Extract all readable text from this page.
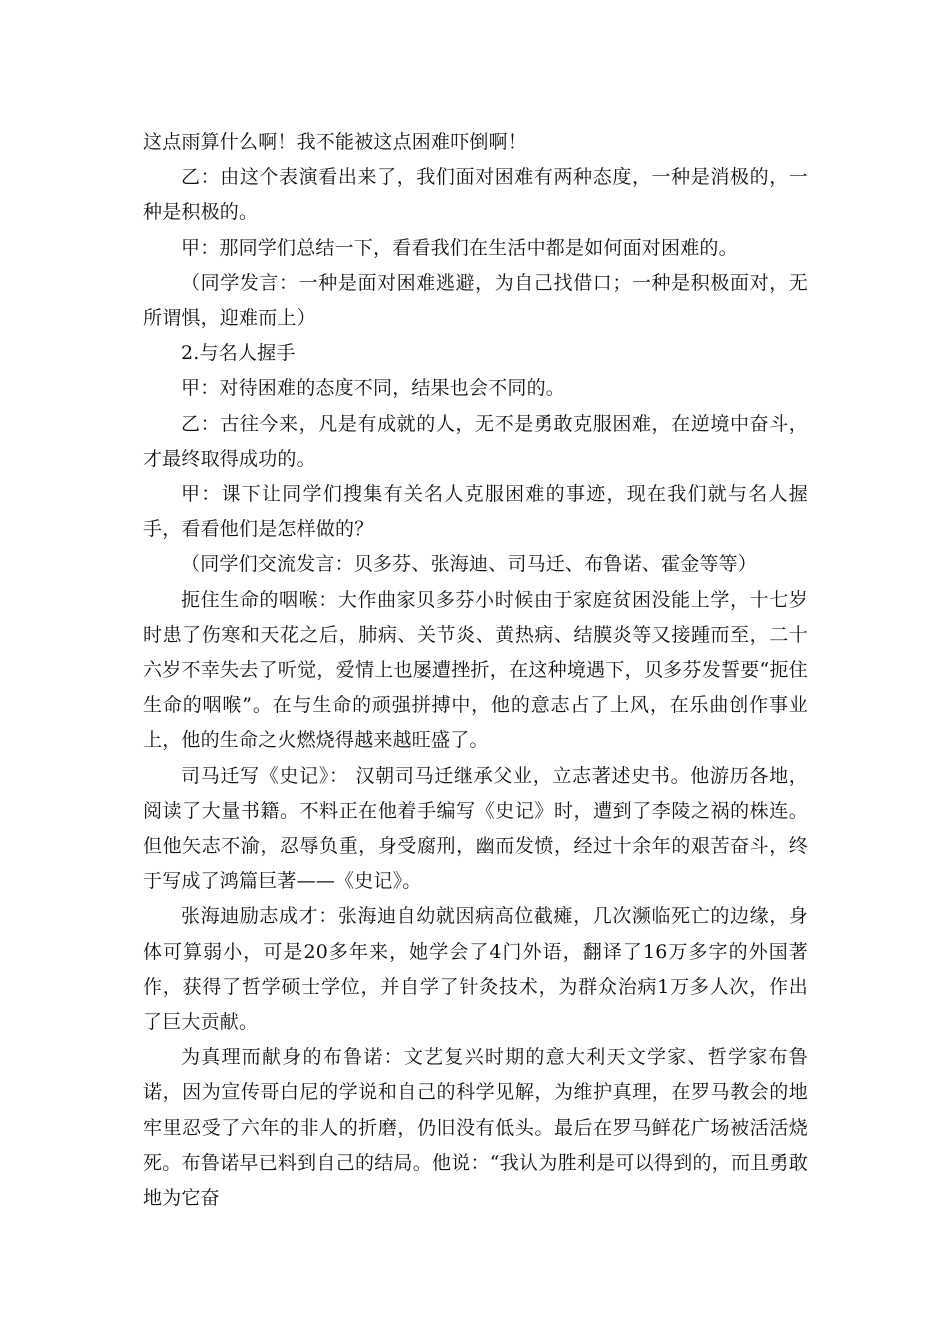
这点雨算什么啊！我不能被这点困难吓倒啊！

乙：由这个表演看出来了，我们面对困难有两种态度，一种是消极的，一种是积极的。

甲：那同学们总结一下，看看我们在生活中都是如何面对困难的。

（同学发言：一种是面对困难逃避，为自己找借口；一种是积极面对，无所谓惧，迎难而上）

2.与名人握手

甲：对待困难的态度不同，结果也会不同的。

乙：古往今来，凡是有成就的人，无不是勇敢克服困难，在逆境中奋斗，才最终取得成功的。

甲：课下让同学们搜集有关名人克服困难的事迹，现在我们就与名人握手，看看他们是怎样做的？

（同学们交流发言：贝多芬、张海迪、司马迁、布鲁诺、霍金等等）

扼住生命的咽喉：大作曲家贝多芬小时候由于家庭贫困没能上学，十七岁时患了伤寒和天花之后，肺病、关节炎、黄热病、结膜炎等又接踵而至，二十六岁不幸失去了听觉，爱情上也屡遭挫折，在这种境遇下，贝多芬发誓要“扼住生命的咽喉”。在与生命的顽强拼搏中，他的意志占了上风，在乐曲创作事业上，他的生命之火燃烧得越来越旺盛了。

司马迁写《史记》： 汉朝司马迁继承父业，立志著述史书。他游历各地，阅读了大量书籍。不料正在他着手编写《史记》时，遭到了李陵之祸的株连。但他矢志不渝，忍辱负重，身受腐刑，幽而发愤，经过十余年的艰苦奋斗，终于写成了鸿篇巨著——《史记》。

张海迪励志成才：张海迪自幼就因病高位截瘫，几次濒临死亡的边缘，身体可算弱小，可是20多年来，她学会了4门外语，翻译了16万多字的外国著作，获得了哲学硕士学位，并自学了针灸技术，为群众治病1万多人次，作出了巨大贡献。

为真理而献身的布鲁诺：文艺复兴时期的意大利天文学家、哲学家布鲁诺，因为宣传哥白尼的学说和自己的科学见解，为维护真理，在罗马教会的地牢里忍受了六年的非人的折磨，仍旧没有低头。最后在罗马鲜花广场被活活烧死。布鲁诺早已料到自己的结局。他说：“我认为胜利是可以得到的，而且勇敢地为它奋
